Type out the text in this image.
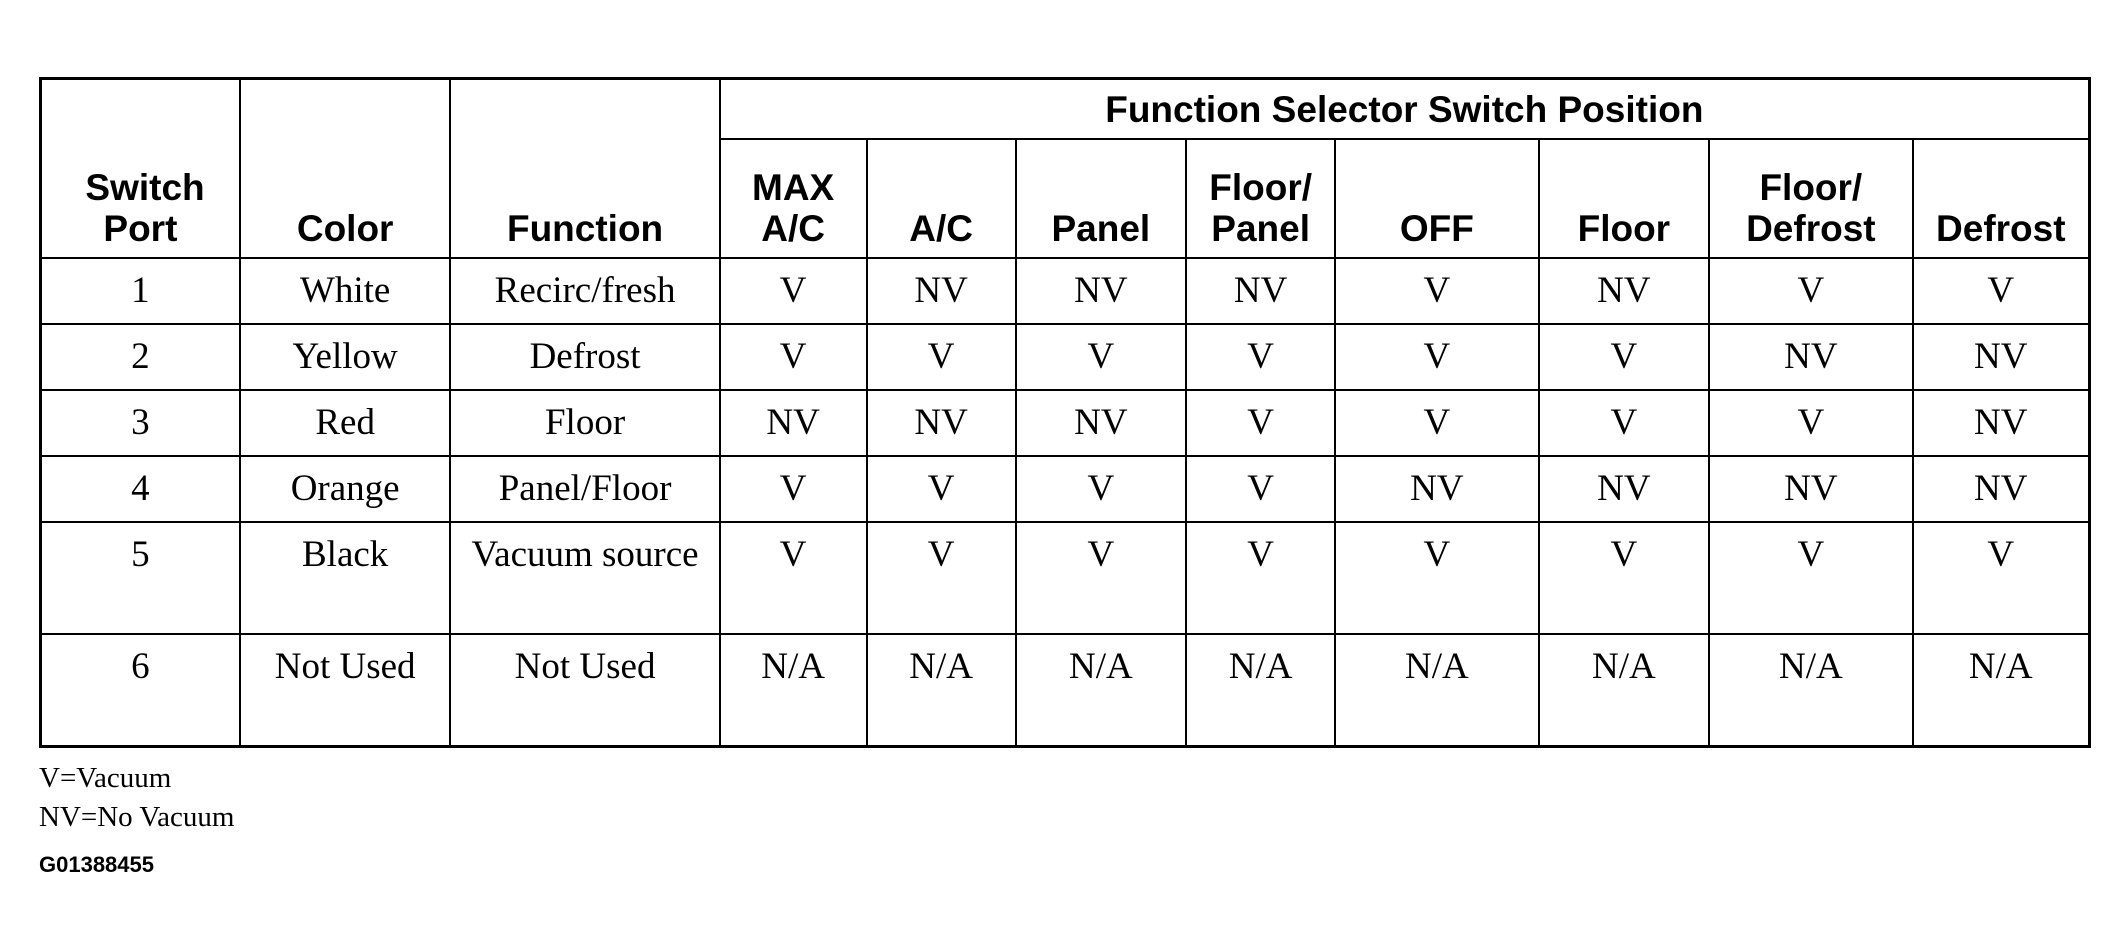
Switch Port	Color	Function	Function Selector Switch Position							
			MAX A/C	A/C	Panel	Floor/ Panel	OFF	Floor	Floor/ Defrost	Defrost
1	White	Recirc/fresh	V	NV	NV	NV	V	NV	V	V
2	Yellow	Defrost	V	V	V	V	V	V	NV	NV
3	Red	Floor	NV	NV	NV	V	V	V	V	NV
4	Orange	Panel/Floor	V	V	V	V	NV	NV	NV	NV
5	Black	Vacuum source	V	V	V	V	V	V	V	V
6	Not Used	Not Used	N/A	N/A	N/A	N/A	N/A	N/A	N/A	N/A
V=Vacuum
NV=No Vacuum
G01388455
